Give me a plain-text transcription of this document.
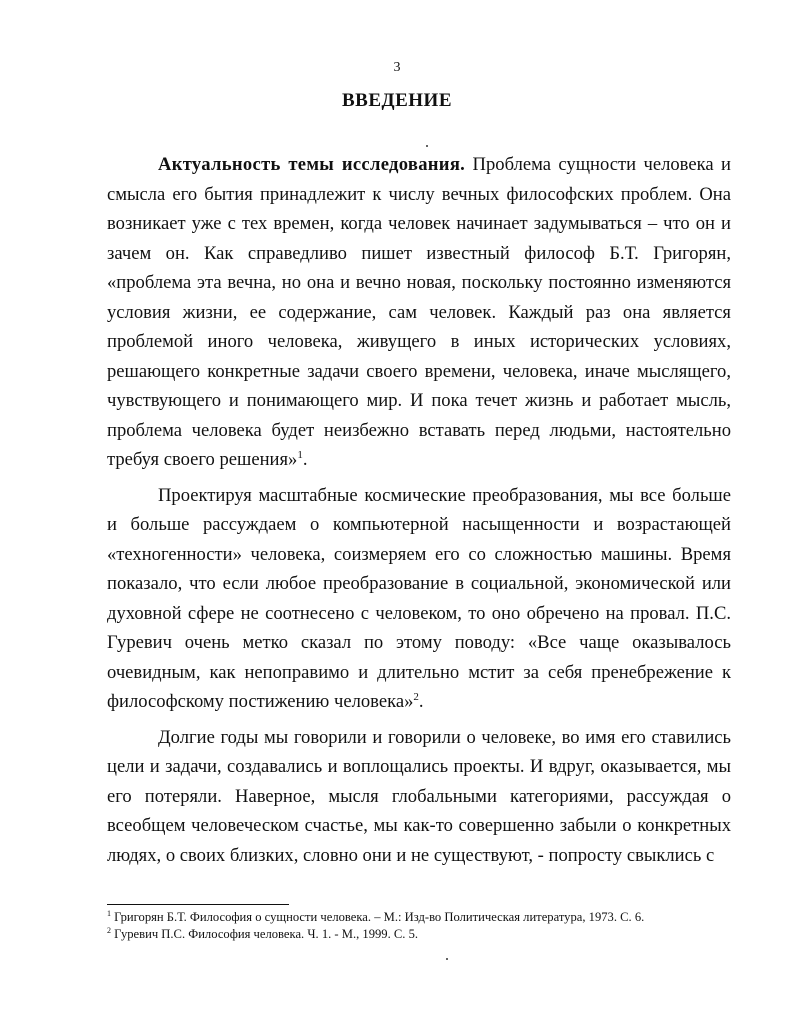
3
ВВЕДЕНИЕ

Актуальность темы исследования. Проблема сущности человека и смысла его бытия принадлежит к числу вечных философских проблем. Она возникает уже с тех времен, когда человек начинает задумываться – что он и зачем он. Как справедливо пишет известный философ Б.Т. Григорян, «проблема эта вечна, но она и вечно новая, поскольку постоянно изменяются условия жизни, ее содержание, сам человек. Каждый раз она является проблемой иного человека, живущего в иных исторических условиях, решающего конкретные задачи своего времени, человека, иначе мыслящего, чувствующего и понимающего мир. И пока течет жизнь и работает мысль, проблема человека будет неизбежно вставать перед людьми, настоятельно требуя своего решения»$^1$.

Проектируя масштабные космические преобразования, мы все больше и больше рассуждаем о компьютерной насыщенности и возрастающей «техногенности» человека, соизмеряем его со сложностью машины. Время показало, что если любое преобразование в социальной, экономической или духовной сфере не соотнесено с человеком, то оно обречено на провал. П.С. Гуревич очень метко сказал по этому поводу: «Все чаще оказывалось очевидным, как непоправимо и длительно мстит за себя пренебрежение к философскому постижению человека»$^2$.

Долгие годы мы говорили и говорили о человеке, во имя его ставились цели и задачи, создавались и воплощались проекты. И вдруг, оказывается, мы его потеряли. Наверное, мысля глобальными категориями, рассуждая о всеобщем человеческом счастье, мы как-то совершенно забыли о конкретных людях, о своих близких, словно они и не существуют, - попросту свыклись с

$^1$ Григорян Б.Т. Философия о сущности человека. – М.: Изд-во Политическая литература, 1973. С. 6.
$^2$ Гуревич П.С. Философия человека. Ч. 1. - М., 1999. С. 5.
